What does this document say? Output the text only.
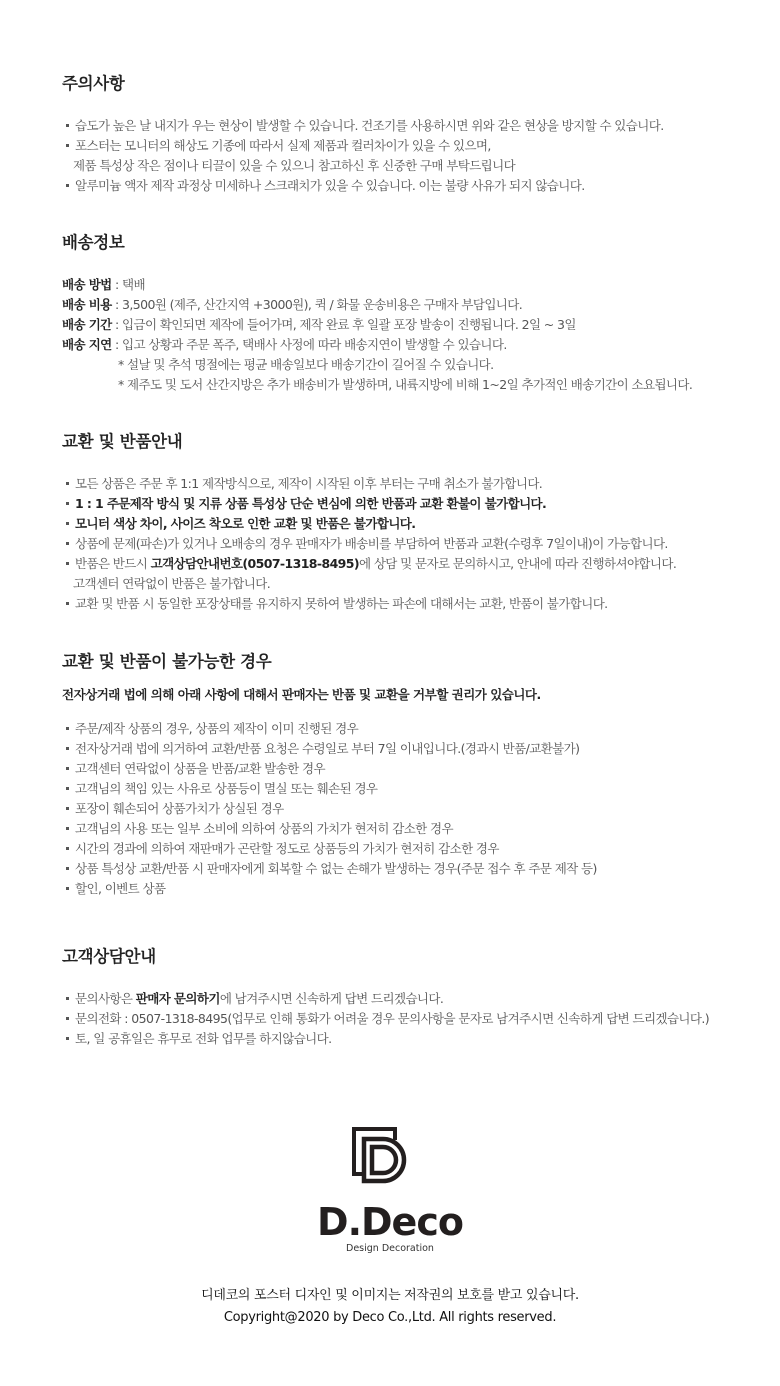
주의사항
습도가 높은 날 내지가 우는 현상이 발생할 수 있습니다. 건조기를 사용하시면 위와 같은 현상을 방지할 수 있습니다.
포스터는 모니터의 해상도 기종에 따라서 실제 제품과 컬러차이가 있을 수 있으며,
제품 특성상 작은 점이나 티끌이 있을 수 있으니 참고하신 후 신중한 구매 부탁드립니다
알루미늄 액자 제작 과정상 미세하나 스크래치가 있을 수 있습니다. 이는 불량 사유가 되지 않습니다.
배송정보
배송 방법 : 택배
배송 비용 : 3,500원 (제주, 산간지역 +3000원), 퀵 / 화물 운송비용은 구매자 부담입니다.
배송 기간 : 입금이 확인되면 제작에 들어가며, 제작 완료 후 일괄 포장 발송이 진행됩니다. 2일 ~ 3일
배송 지연 : 입고 상황과 주문 폭주, 택배사 사정에 따라 배송지연이 발생할 수 있습니다.
* 설날 및 추석 명절에는 평균 배송일보다 배송기간이 길어질 수 있습니다.
* 제주도 및 도서 산간지방은 추가 배송비가 발생하며, 내륙지방에 비해 1~2일 추가적인 배송기간이 소요됩니다.
교환 및 반품안내
모든 상품은 주문 후 1:1 제작방식으로, 제작이 시작된 이후 부터는 구매 취소가 불가합니다.
1 : 1 주문제작 방식 및 지류 상품 특성상 단순 변심에 의한 반품과 교환 환불이 불가합니다.
모니터 색상 차이, 사이즈 착오로 인한 교환 및 반품은 불가합니다.
상품에 문제(파손)가 있거나 오배송의 경우 판매자가 배송비를 부담하여 반품과 교환(수령후 7일이내)이 가능합니다.
반품은 반드시 고객상담안내번호(0507-1318-8495)에 상담 및 문자로 문의하시고, 안내에 따라 진행하셔야합니다.
고객센터 연락없이 반품은 불가합니다.
교환 및 반품 시 동일한 포장상태를 유지하지 못하여 발생하는 파손에 대해서는 교환, 반품이 불가합니다.
교환 및 반품이 불가능한 경우
전자상거래 법에 의해 아래 사항에 대해서 판매자는 반품 및 교환을 거부할 권리가 있습니다.
주문/제작 상품의 경우, 상품의 제작이 이미 진행된 경우
전자상거래 법에 의거하여 교환/반품 요청은 수령일로 부터 7일 이내입니다.(경과시 반품/교환불가)
고객센터 연락없이 상품을 반품/교환 발송한 경우
고객님의 책임 있는 사유로 상품등이 멸실 또는 훼손된 경우
포장이 훼손되어 상품가치가 상실된 경우
고객님의 사용 또는 일부 소비에 의하여 상품의 가치가 현저히 감소한 경우
시간의 경과에 의하여 재판매가 곤란할 정도로 상품등의 가치가 현저히 감소한 경우
상품 특성상 교환/반품 시 판매자에게 회복할 수 없는 손해가 발생하는 경우(주문 접수 후 주문 제작 등)
할인, 이벤트 상품
고객상담안내
문의사항은 판매자 문의하기에 남겨주시면 신속하게 답변 드리겠습니다.
문의전화 : 0507-1318-8495(업무로 인해 통화가 어려울 경우 문의사항을 문자로 남겨주시면 신속하게 답변 드리겠습니다.)
토, 일 공휴일은 휴무로 전화 업무를 하지않습니다.
D.Deco
Design Decoration
디데코의 포스터 디자인 및 이미지는 저작권의 보호를 받고 있습니다.
Copyright@2020 by Deco Co.,Ltd. All rights reserved.
